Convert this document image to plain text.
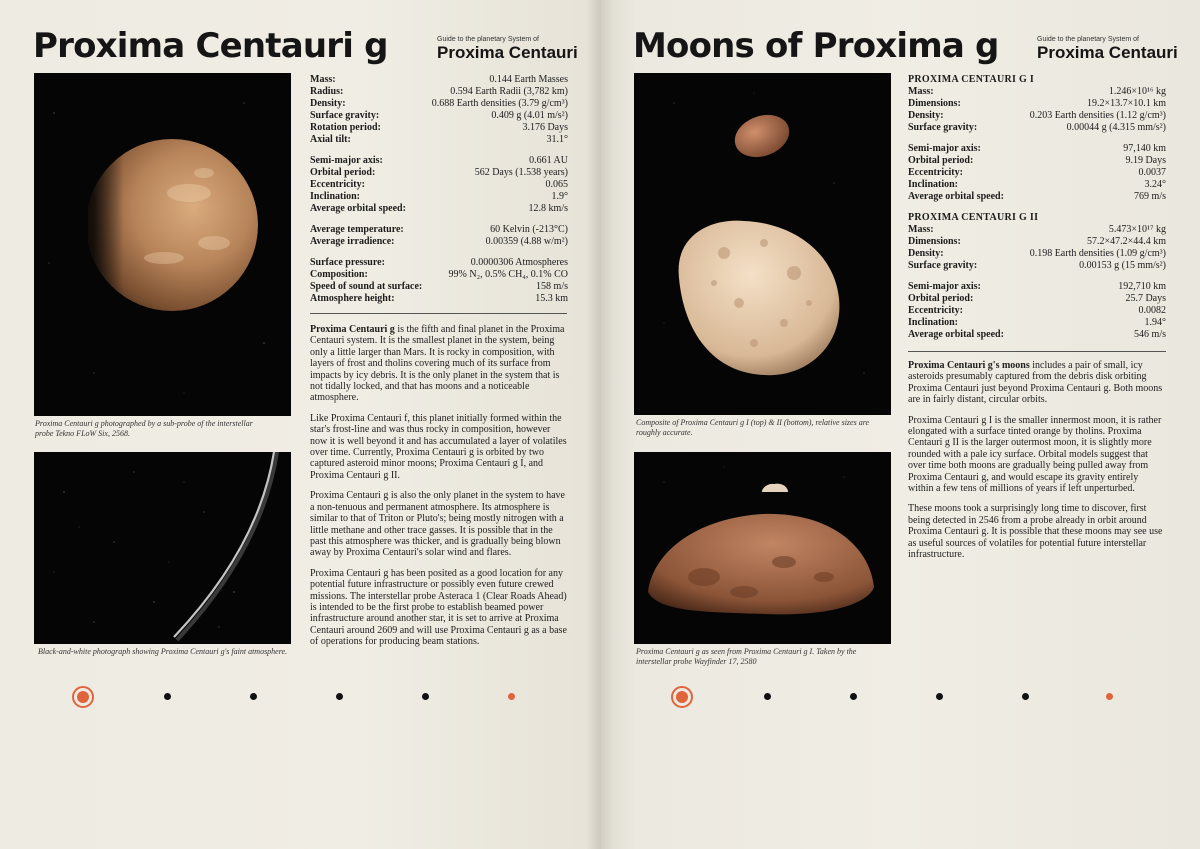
Proxima Centauri g	Guide to the planetary System of
Proxima Centauri
Proxima Centauri g photographed by a sub-probe of the interstellar probe Tekno FLoW Six, 2568.
Black-and-white photograph showing Proxima Centauri g's faint atmosphere.
Mass:	0.144 Earth Masses
Radius:	0.594 Earth Radii (3,782 km)
Density:	0.688 Earth densities (3.79 g/cm³)
Surface gravity:	0.409 g (4.01 m/s²)
Rotation period:	3.176 Days
Axial tilt:	31.1°
Semi-major axis:	0.661 AU
Orbital period:	562 Days (1.538 years)
Eccentricity:	0.065
Inclination:	1.9°
Average orbital speed:	12.8 km/s
Average temperature:	60 Kelvin (-213°C)
Average irradience:	0.00359 (4.88 w/m²)
Surface pressure:	0.0000306 Atmospheres
Composition:	99% N₂, 0.5% CH₄, 0.1% CO
Speed of sound at surface:	158 m/s
Atmosphere height:	15.3 km

Proxima Centauri g is the fifth and final planet in the Proxima Centauri system. It is the smallest planet in the system, being only a little larger than Mars. It is rocky in composition, with layers of frost and tholins covering much of its surface from impacts by icy debris. It is the only planet in the system that is not tidally locked, and that has moons and a noticeable atmosphere.

Like Proxima Centauri f, this planet initially formed within the star's frost-line and was thus rocky in composition, however now it is well beyond it and has accumulated a layer of volatiles over time. Currently, Proxima Centauri g is orbited by two captured asteroid minor moons; Proxima Centauri g I, and Proxima Centauri g II.

Proxima Centauri g is also the only planet in the system to have a non-tenuous and permanent atmosphere. Its atmosphere is similar to that of Triton or Pluto's; being mostly nitrogen with a little methane and other trace gasses. It is possible that in the past this atmosphere was thicker, and is gradually being blown away by Proxima Centauri's solar wind and flares.

Proxima Centauri g has been posited as a good location for any potential future infrastructure or possibly even future crewed missions. The interstellar probe Asteraca 1 (Clear Roads Ahead) is intended to be the first probe to establish beamed power infrastructure around another star, it is set to arrive at Proxima Centauri around 2609 and will use Proxima Centauri g as a base of operations for producing beam stations.

Moons of Proxima g	Guide to the planetary System of
Proxima Centauri
Composite of Proxima Centauri g I (top) & II (bottom), relative sizes are roughly accurate.
Proxima Centauri g as seen from Proxima Centauri g I. Taken by the interstellar probe Wayfinder 17, 2580
PROXIMA CENTAURI G I
Mass:	1.246×10¹⁶ kg
Dimensions:	19.2×13.7×10.1 km
Density:	0.203 Earth densities (1.12 g/cm³)
Surface gravity:	0.00044 g (4.315 mm/s²)
Semi-major axis:	97,140 km
Orbital period:	9.19 Days
Eccentricity:	0.0037
Inclination:	3.24°
Average orbital speed:	769 m/s
PROXIMA CENTAURI G II
Mass:	5.473×10¹⁷ kg
Dimensions:	57.2×47.2×44.4 km
Density:	0.198 Earth densities (1.09 g/cm³)
Surface gravity:	0.00153 g (15 mm/s²)
Semi-major axis:	192,710 km
Orbital period:	25.7 Days
Eccentricity:	0.0082
Inclination:	1.94°
Average orbital speed:	546 m/s

Proxima Centauri g's moons includes a pair of small, icy asteroids presumably captured from the debris disk orbiting Proxima Centauri just beyond Proxima Centauri g. Both moons are in fairly distant, circular orbits.

Proxima Centauri g I is the smaller innermost moon, it is rather elongated with a surface tinted orange by tholins. Proxima Centauri g II is the larger outermost moon, it is slightly more rounded with a pale icy surface. Orbital models suggest that over time both moons are gradually being pulled away from Proxima Centauri g, and would escape its gravity entirely within a few tens of millions of years if left unperturbed.

These moons took a surprisingly long time to discover, first being detected in 2546 from a probe already in orbit around Proxima Centauri g. It is possible that these moons may see use as useful sources of volatiles for potential future interstellar infrastructure.
